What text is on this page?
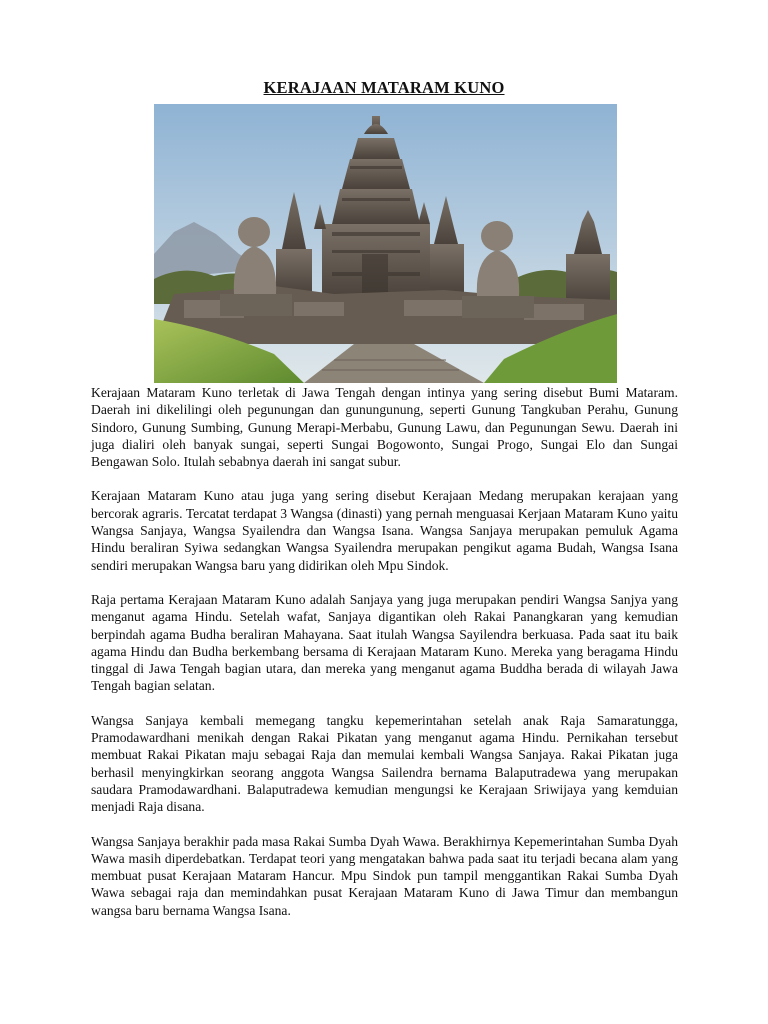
KERAJAAN MATARAM KUNO

Kerajaan Mataram Kuno terletak di Jawa Tengah dengan intinya yang sering disebut Bumi Mataram. Daerah ini dikelilingi oleh pegunungan dan gunungunung, seperti Gunung Tangkuban Perahu, Gunung Sindoro, Gunung Sumbing, Gunung Merapi-Merbabu, Gunung Lawu, dan Pegunungan Sewu. Daerah ini juga dialiri oleh banyak sungai, seperti Sungai Bogowonto, Sungai Progo, Sungai Elo dan Sungai Bengawan Solo. Itulah sebabnya daerah ini sangat subur.

Kerajaan Mataram Kuno atau juga yang sering disebut Kerajaan Medang merupakan kerajaan yang bercorak agraris. Tercatat terdapat 3 Wangsa (dinasti) yang pernah menguasai Kerjaan Mataram Kuno yaitu Wangsa Sanjaya, Wangsa Syailendra dan Wangsa Isana. Wangsa Sanjaya merupakan pemuluk Agama Hindu beraliran Syiwa sedangkan Wangsa Syailendra merupakan pengikut agama Budah, Wangsa Isana sendiri merupakan Wangsa baru yang didirikan oleh Mpu Sindok.

Raja pertama Kerajaan Mataram Kuno adalah Sanjaya yang juga merupakan pendiri Wangsa Sanjya yang menganut agama Hindu. Setelah wafat, Sanjaya digantikan oleh Rakai Panangkaran yang kemudian berpindah agama Budha beraliran Mahayana. Saat itulah Wangsa Sayilendra berkuasa. Pada saat itu baik agama Hindu dan Budha berkembang bersama di Kerajaan Mataram Kuno. Mereka yang beragama Hindu tinggal di Jawa Tengah bagian utara, dan mereka yang menganut agama Buddha berada di wilayah Jawa Tengah bagian selatan.

Wangsa Sanjaya kembali memegang tangku kepemerintahan setelah anak Raja Samaratungga, Pramodawardhani menikah dengan Rakai Pikatan yang menganut agama Hindu. Pernikahan tersebut membuat Rakai Pikatan maju sebagai Raja dan memulai kembali Wangsa Sanjaya. Rakai Pikatan juga berhasil menyingkirkan seorang anggota Wangsa Sailendra bernama Balaputradewa yang merupakan saudara Pramodawardhani. Balaputradewa kemudian mengungsi ke Kerajaan Sriwijaya yang kemduian menjadi Raja disana.

Wangsa Sanjaya berakhir pada masa Rakai Sumba Dyah Wawa. Berakhirnya Kepemerintahan Sumba Dyah Wawa masih diperdebatkan. Terdapat teori yang mengatakan bahwa pada saat itu terjadi becana alam yang membuat pusat Kerajaan Mataram Hancur. Mpu Sindok pun tampil menggantikan Rakai Sumba Dyah Wawa sebagai raja dan memindahkan pusat Kerajaan Mataram Kuno di Jawa Timur dan membangun wangsa baru bernama Wangsa Isana.
